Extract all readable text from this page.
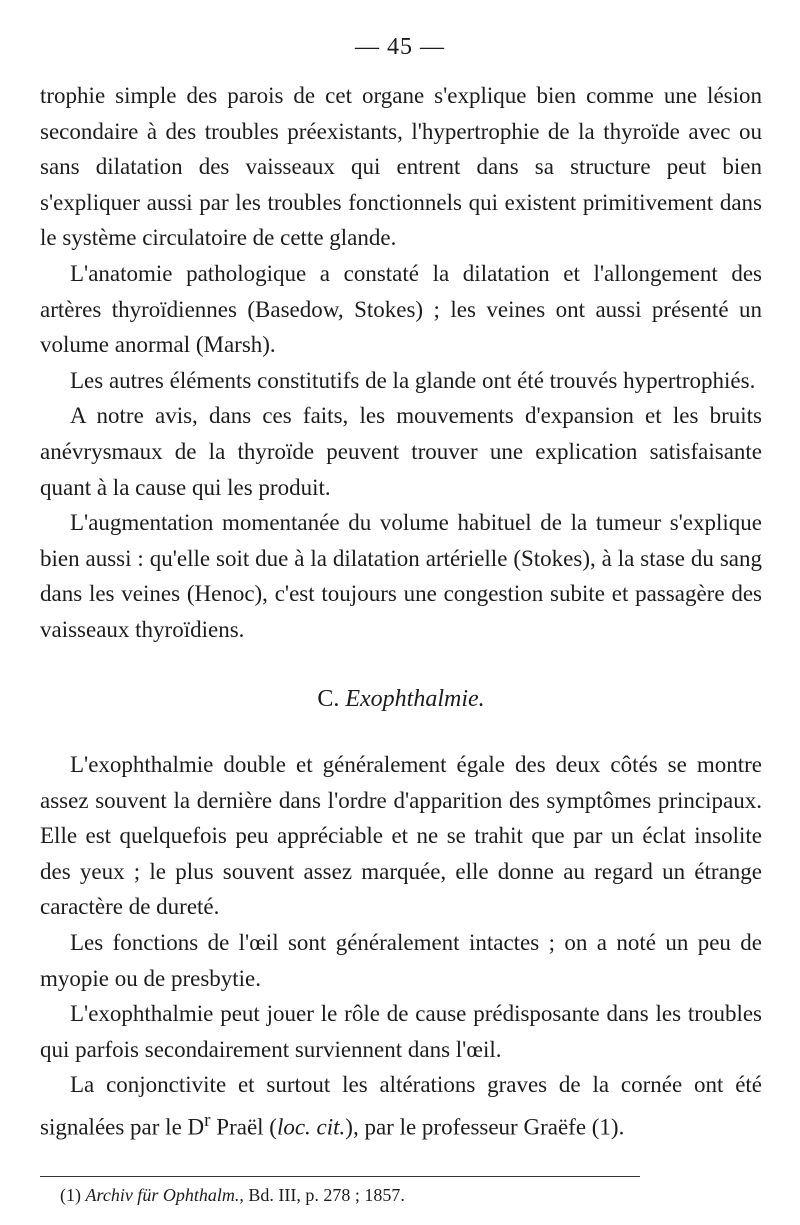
— 45 —

trophie simple des parois de cet organe s'explique bien comme une lésion secondaire à des troubles préexistants, l'hypertrophie de la thyroïde avec ou sans dilatation des vaisseaux qui entrent dans sa structure peut bien s'expliquer aussi par les troubles fonctionnels qui existent primitivement dans le système circulatoire de cette glande.

L'anatomie pathologique a constaté la dilatation et l'allongement des artères thyroïdiennes (Basedow, Stokes) ; les veines ont aussi présenté un volume anormal (Marsh).

Les autres éléments constitutifs de la glande ont été trouvés hypertrophiés.

A notre avis, dans ces faits, les mouvements d'expansion et les bruits anévrysmaux de la thyroïde peuvent trouver une explication satisfaisante quant à la cause qui les produit.

L'augmentation momentanée du volume habituel de la tumeur s'explique bien aussi : qu'elle soit due à la dilatation artérielle (Stokes), à la stase du sang dans les veines (Henoc), c'est toujours une congestion subite et passagère des vaisseaux thyroïdiens.

C. Exophthalmie.

L'exophthalmie double et généralement égale des deux côtés se montre assez souvent la dernière dans l'ordre d'apparition des symptômes principaux. Elle est quelquefois peu appréciable et ne se trahit que par un éclat insolite des yeux ; le plus souvent assez marquée, elle donne au regard un étrange caractère de dureté.

Les fonctions de l'œil sont généralement intactes ; on a noté un peu de myopie ou de presbytie.

L'exophthalmie peut jouer le rôle de cause prédisposante dans les troubles qui parfois secondairement surviennent dans l'œil.

La conjonctivite et surtout les altérations graves de la cornée ont été signalées par le $D^r$ Praël (loc. cit.), par le professeur Graëfe (1).

(1) Archiv für Ophthalm., Bd. III, p. 278 ; 1857.
